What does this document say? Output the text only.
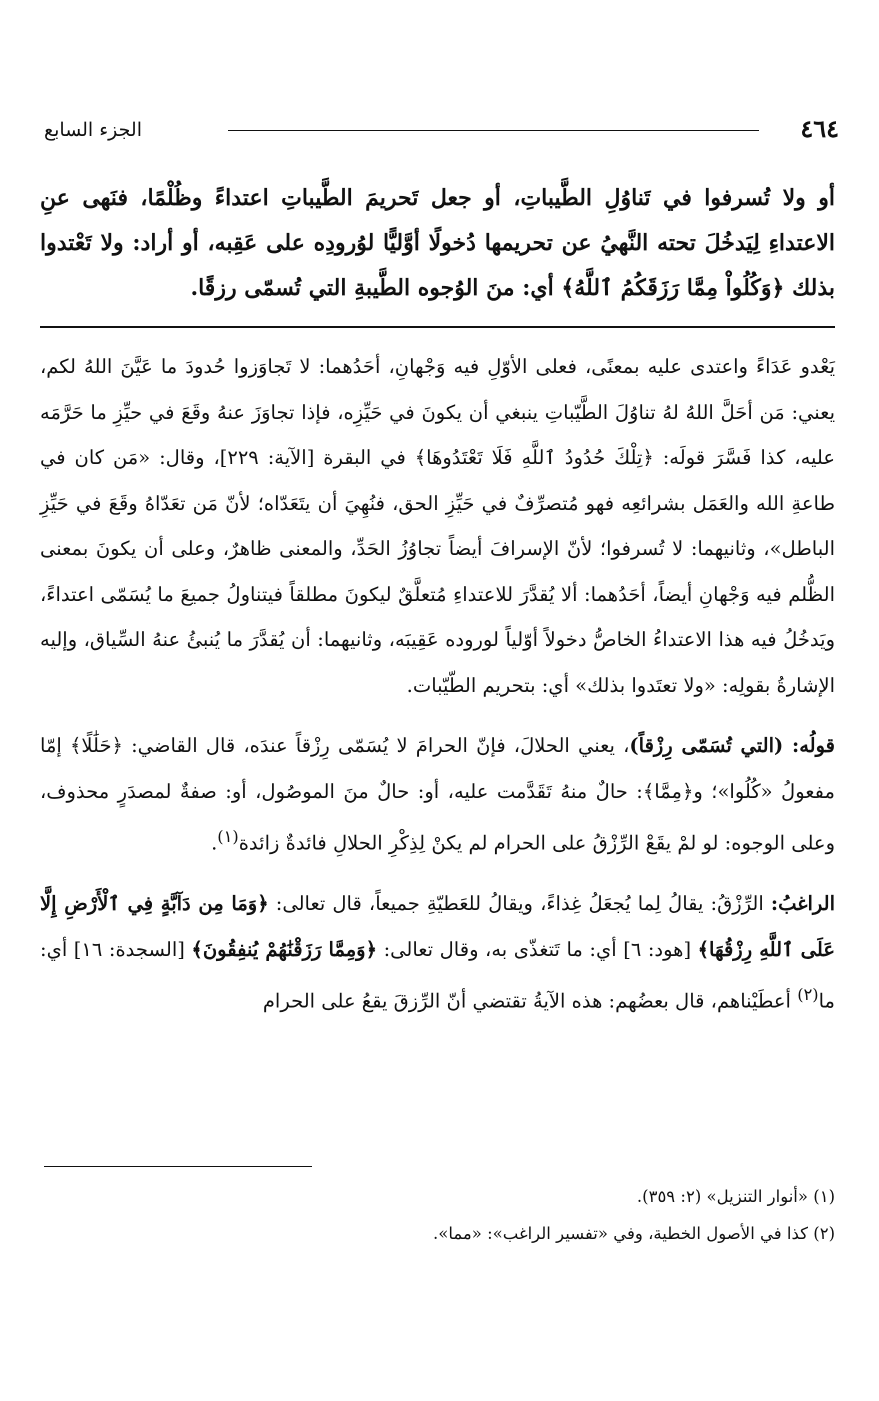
٤٦٤
الجزء السابع

أو ولا تُسرفوا في تَناوُلِ الطَّيباتِ، أو جعل تَحريمَ الطَّيباتِ اعتداءً وظُلْمًا، فنَهى عنِ الاعتداءِ لِيَدخُلَ تحته النَّهيُ عن تحريمها دُخولًا أوَّليًّا لوُرودِه على عَقِبه، أو أراد: ولا تَعْتدوا بذلك ﴿وَكُلُواْ مِمَّا رَزَقَكُمُ ٱللَّهُ﴾ أي: منَ الوُجوه الطَّيبةِ التي تُسمّى رزقًا.

يَعْدو عَدَاءً واعتدى عليه بمعنًى، فعلى الأوّلِ فيه وَجْهانِ، أحَدُهما: لا تَجاوَزوا حُدودَ ما عَيَّنَ اللهُ لكم، يعني: مَن أحَلَّ اللهُ لهُ تناوُلَ الطَّيّباتِ ينبغي أن يكونَ في حَيِّزِه، فإذا تجاوَزَ عنهُ وقَعَ في حيِّزِ ما حَرَّمَه عليه، كذا فَسَّرَ قولَه: ﴿تِلْكَ حُدُودُ ٱللَّهِ فَلَا تَعْتَدُوهَا﴾ في البقرة [الآية: ٢٢٩]، وقال: «مَن كان في طاعةِ الله والعَمَل بشرائعِه فهو مُتصرِّفٌ في حَيِّزِ الحق، فنُهِيَ أن يتَعَدّاه؛ لأنّ مَن تعَدّاهُ وقَعَ في حَيِّزِ الباطل»، وثانيهما: لا تُسرفوا؛ لأنّ الإسرافَ أيضاً تجاوُزُ الحَدِّ، والمعنى ظاهرٌ، وعلى أن يكونَ بمعنى الظُّلم فيه وَجْهانِ أيضاً، أحَدُهما: ألا يُقدَّرَ للاعتداءِ مُتعلَّقٌ ليكونَ مطلقاً فيتناولُ جميعَ ما يُسَمّى اعتداءً، ويَدخُلُ فيه هذا الاعتداءُ الخاصُّ دخولاً أوّلياً لوروده عَقِيبَه، وثانيهما: أن يُقدَّرَ ما يُنبئُ عنهُ السِّياق، وإليه الإشارةُ بقولِه: «ولا تعتَدوا بذلك» أي: بتحريم الطّيّبات.

قولُه: (التي تُسَمّى رِزْقاً)، يعني الحلالَ، فإنّ الحرامَ لا يُسَمّى رِزْقاً عندَه، قال القاضي: ﴿حَلَٰلًا﴾ إمّا مفعولُ «كُلُوا»؛ و﴿مِمَّا﴾: حالٌ منهُ تَقَدَّمت عليه، أو: حالٌ منَ الموصُول، أو: صفةٌ لمصدَرٍ محذوف، وعلى الوجوه: لو لمْ يقَعْ الرِّزْقُ على الحرام لم يكنْ لِذِكْرِ الحلالِ فائدةٌ زائدة$^{(١)}$.

الراغبُ: الرِّزْقُ: يقالُ لِما يُجعَلُ غِذاءً، ويقالُ للعَطيّةِ جميعاً، قال تعالى: ﴿وَمَا مِن دَآبَّةٍ فِي ٱلْأَرْضِ إِلَّا عَلَى ٱللَّهِ رِزْقُهَا﴾ [هود: ٦] أي: ما تَتغذّى به، وقال تعالى: ﴿وَمِمَّا رَزَقْنَٰهُمْ يُنفِقُونَ﴾ [السجدة: ١٦] أي: ما$^{(٢)}$ أعطَيْناهم، قال بعضُهم: هذه الآيةُ تقتضي أنّ الرِّزقَ يقعُ على الحرام

(١) «أنوار التنزيل» (٢: ٣٥٩).
(٢) كذا في الأصول الخطية، وفي «تفسير الراغب»: «مما».
